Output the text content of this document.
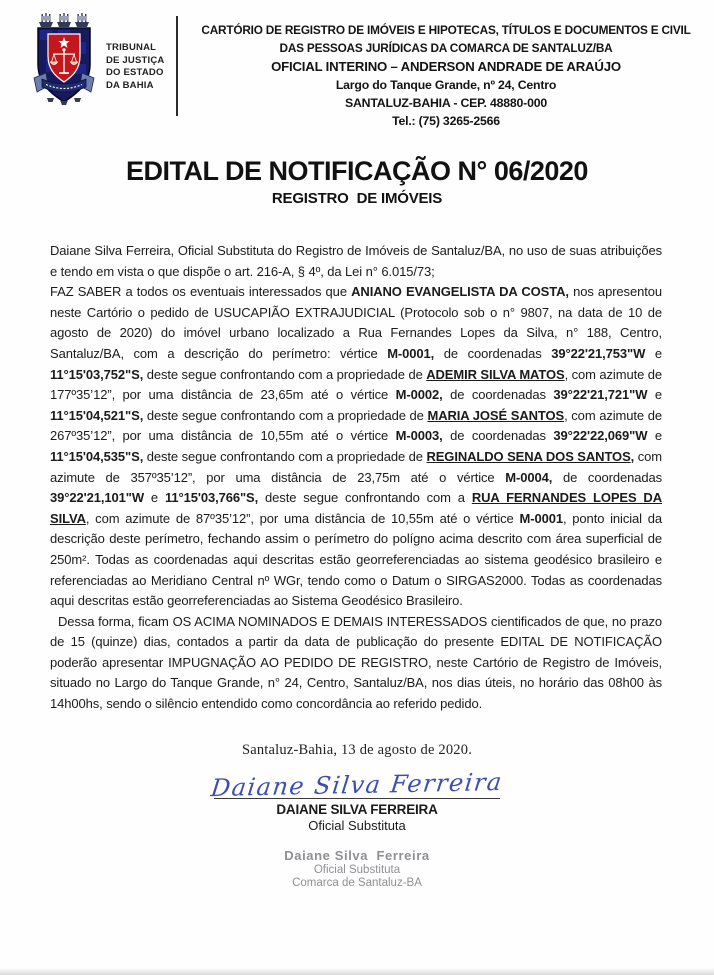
TRIBUNAL
DE JUSTIÇA
DO ESTADO
DA BAHIA
CARTÓRIO DE REGISTRO DE IMÓVEIS E HIPOTECAS, TÍTULOS E DOCUMENTOS E CIVIL
DAS PESSOAS JURÍDICAS DA COMARCA DE SANTALUZ/BA
OFICIAL INTERINO – ANDERSON ANDRADE DE ARAÚJO
Largo do Tanque Grande, nº 24, Centro
SANTALUZ-BAHIA - CEP. 48880-000
Tel.: (75) 3265-2566
EDITAL DE NOTIFICAÇÃO N° 06/2020
REGISTRO  DE IMÓVEIS

Daiane Silva Ferreira, Oficial Substituta do Registro de Imóveis de Santaluz/BA, no uso de suas atribuições e tendo em vista o que dispõe o art. 216-A, § 4º, da Lei n° 6.015/73;

FAZ SABER a todos os eventuais interessados que ANIANO EVANGELISTA DA COSTA, nos apresentou neste Cartório o pedido de USUCAPIÃO EXTRAJUDICIAL (Protocolo sob o n° 9807, na data de 10 de agosto de 2020) do imóvel urbano localizado a Rua Fernandes Lopes da Silva, n° 188, Centro, Santaluz/BA, com a descrição do perímetro: vértice M-0001, de coordenadas 39°22'21,753"W e 11°15'03,752"S, deste segue confrontando com a propriedade de ADEMIR SILVA MATOS, com azimute de 177º35’12”, por uma distância de 23,65m até o vértice M-0002, de coordenadas 39°22'21,721"W e 11°15'04,521"S, deste segue confrontando com a propriedade de MARIA JOSÉ SANTOS, com azimute de 267º35’12”, por uma distância de 10,55m até o vértice M-0003, de coordenadas 39°22'22,069"W e 11°15'04,535"S, deste segue confrontando com a propriedade de REGINALDO SENA DOS SANTOS, com azimute de 357º35’12”, por uma distância de 23,75m até o vértice M-0004, de coordenadas 39°22'21,101"W e 11°15'03,766"S, deste segue confrontando com a RUA FERNANDES LOPES DA SILVA, com azimute de 87º35’12”, por uma distância de 10,55m até o vértice M-0001, ponto inicial da descrição deste perímetro, fechando assim o perímetro do polígno acima descrito com área superficial de 250m². Todas as coordenadas aqui descritas estão georreferenciadas ao sistema geodésico brasileiro e referenciadas ao Meridiano Central nº WGr, tendo como o Datum o SIRGAS2000. Todas as coordenadas aqui descritas estão georreferenciadas ao Sistema Geodésico Brasileiro.

Dessa forma, ficam OS ACIMA NOMINADOS E DEMAIS INTERESSADOS cientificados de que, no prazo de 15 (quinze) dias, contados a partir da data de publicação do presente EDITAL DE NOTIFICAÇÃO poderão apresentar IMPUGNAÇÃO AO PEDIDO DE REGISTRO, neste Cartório de Registro de Imóveis, situado no Largo do Tanque Grande, n° 24, Centro, Santaluz/BA, nos dias úteis, no horário das 08h00 às 14h00hs, sendo o silêncio entendido como concordância ao referido pedido.

Santaluz-Bahia, 13 de agosto de 2020.
Daiane Silva Ferreira
DAIANE SILVA FERREIRA
Oficial Substituta
Daiane Silva  Ferreira
Oficial Substituta
Comarca de Santaluz-BA
